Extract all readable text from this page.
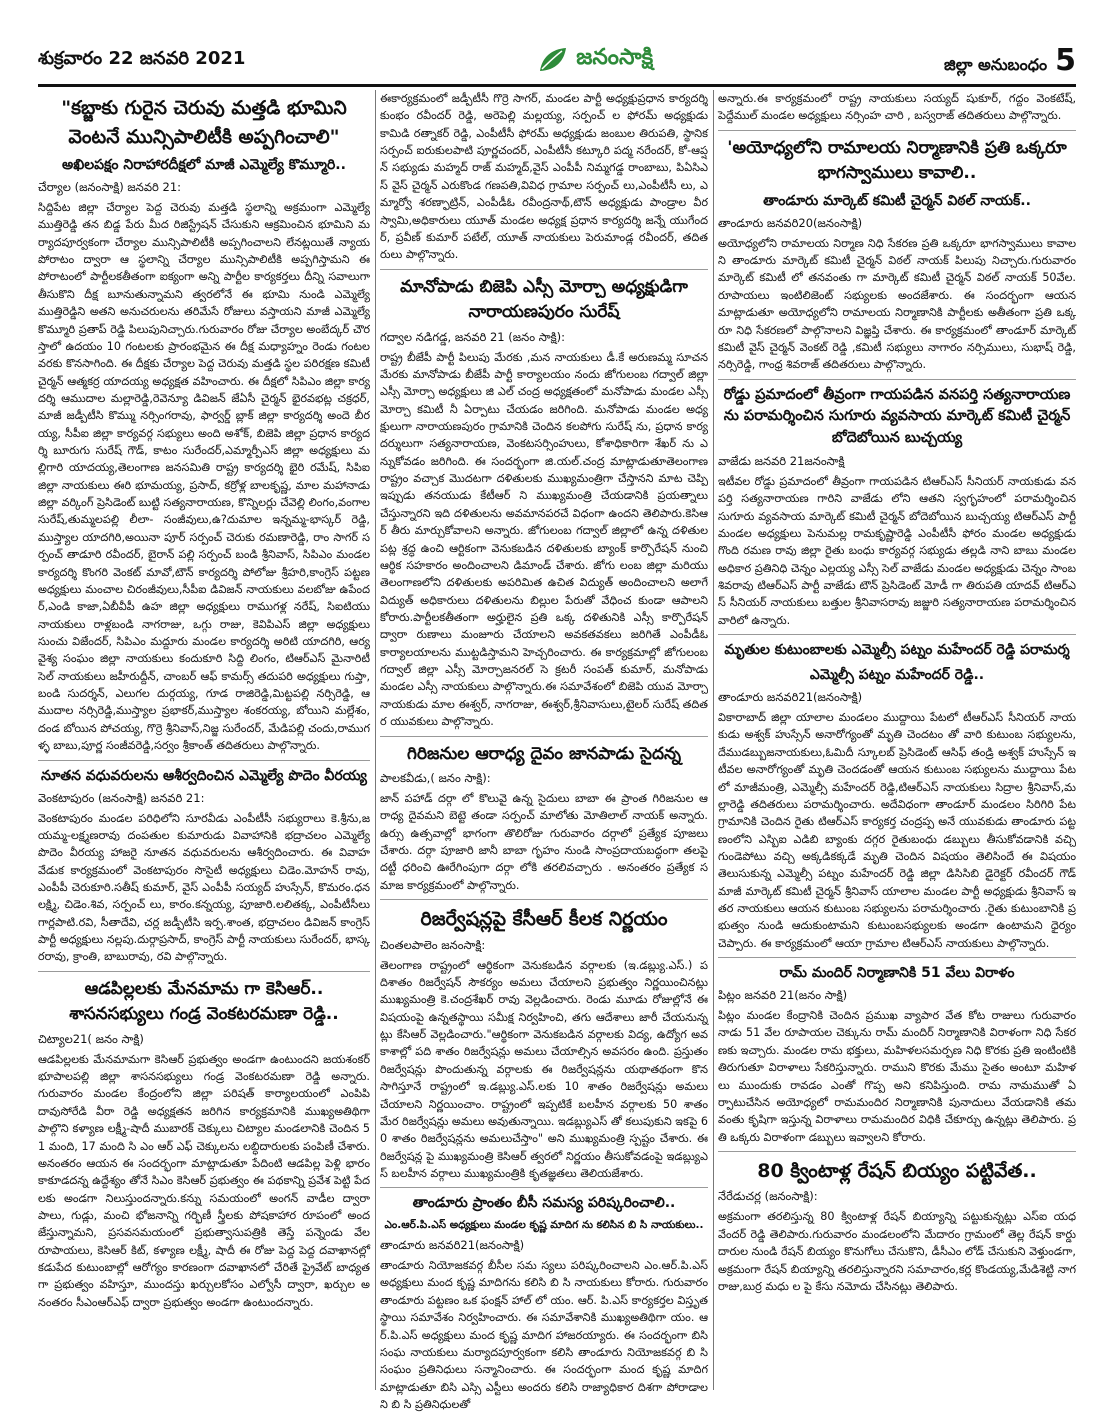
శుక్రవారం 22 జనవరి 2021	జనంసాక్షి	జిల్లా అనుబంధం 5
"కబ్జాకు గురైన చెరువు మత్తడి భూమిని వెంటనే మున్సిపాలిటీకి అప్పగించాలి"
అఖిలపక్షం నిరాహారదీక్షలో మాజీ ఎమ్మెల్యే కొమ్మూరి..
చేర్యాల (జనంసాక్షి) జనవరి 21:

సిద్దిపేట జిల్లా చేర్యాల పెద్ద చెరువు మత్తడి స్థలాన్ని అక్రమంగా ఎమ్మెల్యే ముత్తిరెడ్డి తన బిడ్డ పేరు మీద రిజిస్ట్రేషన్ చేసుకుని ఆక్రమించిన భూమిని మర్యాదపూర్వకంగా చేర్యాల మున్సిపాలిటీకి అప్పగించాలని లేనట్లయితే న్యాయ పోరాటం ద్వారా ఆ స్థలాన్ని చేర్యాల మున్సిపాలిటీకి అప్పగిస్తామని ఈ పోరాటంలో పార్టీలకతీతంగా ఐక్యంగా అన్ని పార్టీల కార్యకర్తలు దీన్ని సవాలుగా తీసుకొని దీక్ష బూనుతున్నామని త్వరలోనే ఈ భూమి నుండి ఎమ్మెల్యే ముత్తిరెడ్డిని అతని అనుచరులను తరిమేసే రోజులు వస్తాయని మాజీ ఎమ్మెల్యే కొమ్మూరి ప్రతాప్ రెడ్డి పిలుపునిచ్చారు.గురువారం రోజు చేర్యాల అంబేద్కర్ చౌరస్తాలో ఉదయం 10 గంటలకు ప్రారంభమైన ఈ దీక్ష మధ్యాహ్నం రెండు గంటల వరకు కొనసాగింది. ఈ దీక్షకు చేర్యాల పెద్ద చెరువు మత్తడి స్థల పరిరక్షణ కమిటీ చైర్మన్ ఆత్మకర్ర యాదయ్య అధ్యక్షత వహించారు. ఈ దీక్షలో సిపిఎం జిల్లా కార్యదర్శి ఆముదాల మల్లారెడ్డి,రెవెన్యూ డివిజన్ జేఏసీ చైర్మన్ భైరవభట్ల చక్రధర్,మాజీ జడ్పీటీసి కొమ్ము నర్సింగరావు, ఫార్వర్డ్ బ్లాక్ జిల్లా కార్యదర్శి అందె బీరయ్య, సీపీఐ జిల్లా కార్యవర్గ సభ్యులు అంది అశోక్, బిజెపి జిల్లా ప్రధాన కార్యదర్శి బూరుగు సురేష్ గౌడ్, కాటం సురేందర్,ఎమ్మార్పీఎస్ జిల్లా అధ్యక్షులు మల్లిగారి యాదయ్య,తెలంగాణ జనసమితి రాష్ట్ర కార్యదర్శి భైరి రమేష్, సిపిఐ జిల్లా నాయకులు ఈరి భూమయ్య, ప్రసాద్, కర్రోళ్ల బాలకృష్ణ, మాల మహానాడు జిల్లా వర్కింగ్ ప్రెసిడెంట్ బుట్టి సత్యనారాయణ, కొన్నిలర్లు చేవెల్లి లింగం,వంగాల సురేష్,తుమ్మలపల్లి లీలా- సంజీవులు,ఉ?దుమాల ఇన్నమ్మ-భాస్కర్ రెడ్డి, ముస్త్యాల యాదగిరి,అయినా పూర్ సర్పంచ్ చెరుకు రమణారెడ్డి, రాం సాగర్ సర్పంచ్ తాడూరి రవీందర్, బైరాన్ పల్లి సర్పంచ్ బండి శ్రీనివాస్, సిపిఎం మండల కార్యదర్శి కొంగరి వెంకట్ మావో,టౌన్ కార్యదర్శి పోలోజు శ్రీహరి,కాంగ్రెస్ పట్టణ అధ్యక్షులు మంచాల చిరంజీవులు,సీపీఐ డివిజన్ నాయకులు వలబోజు ఉపేందర్,ఎండి కాజా,ఏబీవీపీ ఉహ జిల్లా అధ్యక్షులు రాముగళ్ల నరేష్, సిఐటియు నాయకులు రాళ్లబండి నాగరాజు, ఒగ్గు రాజు, కెవిపిఎస్ జిల్లా అధ్యక్షులు సుంచు విజేందర్, సిపిఎం మద్దూరు మండల కార్యదర్శి అరిటి యాదగిరి, ఆర్యవైశ్య సంఘం జిల్లా నాయకులు కందుకూరి సిద్ది లింగం, టిఆర్ఎస్ మైనారిటీ సెల్ నాయకులు జహీరుద్దీన్, చాంబర్ ఆఫ్ కామర్స్ తదుపరి అధ్యక్షులు గుప్తా, బండి సుదర్శన్, ఎలుగల దుర్గయ్య, గూడ రాజిరెడ్డి,మిట్టపల్లి నర్సిరెడ్డి, ఆముదాల నర్సిరెడ్డి,ముస్త్యాల ప్రభాకర్,ముస్త్యాల శంకరయ్య, బోయిని మల్లేశం,దండ బోయిన పోచయ్య, గొర్రె శ్రీనివాస్,నిజ్జ సురేందర్, మేడిపల్లి చందు,రాముగళ్ళ బాబు,పూర్ణ సంజీవరెడ్డి,సర్వం శ్రీకాంత్ తదితరులు పాల్గొన్నారు.

నూతన వధువరులను ఆశీర్వదించిన ఎమ్మెల్యే పొదెం వీరయ్య
వెంకటాపురం (జనంసాక్షి) జనవరి 21:

వెంకటాపురం మండల పరిధిలోని సూరవీడు ఎంపీటీసీ సభ్యురాలు కె.శ్రీను,జయమ్మ-లక్ష్మణరావు దంపతుల కుమారుడు వివాహానికి భద్రాచలం ఎమ్మెల్యే పొదెం వీరయ్య హాజరై నూతన వధువరులను ఆశీర్వదించారు. ఈ వివాహ వేడుక కార్యక్రమంలో వెంకటాపురం సొసైటీ అధ్యక్షులు చిడెం.మోహన్ రావు, ఎంపీపీ చెరుకూరి.సతీష్ కుమార్, వైస్ ఎంపీపీ సయ్యద్ హుస్సేన్, కొమరం.ధనలక్ష్మి, చిడెం.శివ, సర్పంచ్ లు, కారం.కన్నయ్య, పూజారి.లలితక్క, ఎంపీటీసీలు గార్లపాటి.రవి, సీతాదేవి, చర్ల జడ్పీటీసి ఇర్ప.శాంత, భద్రాచలం డివిజన్ కాంగ్రెస్ పార్టీ అధ్యక్షులు నల్లపు.దుర్గాప్రసాద్, కాంగ్రెస్ పార్టీ నాయకులు సురేందర్, భాస్కరరావు, క్రాంతి, బాబురావు, రవి పాల్గొన్నారు.

ఆడపిల్లలకు మేనమామ గా కెసిఆర్.. శాసనసభ్యులు గండ్ర వెంకటరమణా రెడ్డి..
చిట్యాల21( జనం సాక్షి)

ఆడపిల్లలకు మేనమామగా కెసిఆర్ ప్రభుత్వం అండగా ఉంటుందని జయశంకర్ భూపాలపల్లి జిల్లా శాసనసభ్యులు గండ్ర వెంకటరమణా రెడ్డి అన్నారు. గురువారం మండల కేంద్రంలోని జిల్లా పరిషత్ కార్యాలయంలో ఎంపిపి దావుసోరేడి వీరా రెడ్డి అధ్యక్షతన జరిగిన కార్యక్రమానికి ముఖ్యఅతిథిగా పాల్గొని కళ్యాణ లక్ష్మీ-షాదీ ముబారక్ చెక్కులు చిట్యాల మండలానికి చెందిన 51 మంది, 17 మంది సి ఎం ఆర్ ఎఫ్ చెక్కులను లబ్ధిదారులకు పంపిణీ చేశారు. అనంతరం ఆయన ఈ సందర్భంగా మాట్లాడుతూ పేదింటి ఆడపిల్ల పెళ్లి భారం కాకూడదన్న ఉద్దేశ్యం తోనే సిఎం కెసిఆర్ ప్రభుత్వం ఈ పథకాన్ని ప్రవేశ పెట్టి పేదలకు అండగా నిలుస్తుందన్నారు.కన్ను సమయంలో అంగన్ వాడీల ద్వారా పాలు, గుడ్లు, మంచి భోజనాన్ని గర్భిణీ స్త్రీలకు పోషకాహార రూపంలో అందజేస్తున్నామని, ప్రసవసమయంలో ప్రభుత్వాసుపత్రికి తెస్తే పన్నెండు వేల రూపాయలు, కెసిఆర్ కిట్, కళ్యాణ లక్ష్మీ, షాదీ ఈ రోజు పెద్ద పెద్ద దవాఖానల్లో కడుపేద కుటుంబాల్లో ఆరోగ్యం కారణంగా దవాఖానలో చేరితే ప్రైవేట్ బాధ్యతగా ప్రభుత్వం వహిస్తూ, ముందస్తు ఖర్చులకోసం ఎల్వోసీ ద్వారా, ఖర్చుల అనంతరం సీఎంఆర్ఎఫ్ ద్వారా ప్రభుత్వం అండగా ఉంటుందన్నారు.

ఈకార్యక్రమంలో జడ్పీటీసీ గొర్రె సాగర్, మండల పార్టీ అధ్యక్షుప్రధాన కార్యదర్శి కుంభం రవీందర్ రెడ్డి, అరెపెల్లి మల్లయ్య, సర్పంచ్ ల ఫోరమ్ అధ్యక్షుడు కామిడి రత్నాకర్ రెడ్డి, ఎంపీటీసీ ఫోరమ్ అధ్యక్షుడు జంబుల తిరుపతి, స్థానిక సర్పంచ్ ఐరుకులపాటి పూర్ణచందర్, ఎంపీటీసీ కట్కూరి పద్మ నరేందర్, కో-ఆప్షన్ సభ్యుడు మహ్మద్ రాజ్ మహ్మద్,వైస్ ఎంపీపీ నిమ్మగడ్డ రాంబాబు, పిఏసిఎస్ వైస్ చైర్మన్ ఎరుకొండ గణపతి,వివిధ గ్రామాల సర్పంచ్ లు,ఎంపీటీసీ లు, ఎమ్మార్వో శరణ్ఫాట్రిన్, ఎంపీడీఓ రవీంద్రనాథ్,టౌన్ అధ్యక్షుడు పాండ్రాల వీరస్వామి,అధికారులు యూత్ మండల అధ్యక్ష ప్రధాన కార్యదర్శి జన్నే యుగేందర్, ప్రవీణ్ కుమార్ పటేల్, యూత్ నాయకులు పెరుమాండ్ల రవీందర్, తదితరులు పాల్గొన్నారు.

మానోపాడు బిజెపి ఎస్సీ మోర్చా అధ్యక్షుడిగా నారాయణపురం సురేష్
గద్వాల నడిగడ్డ, జనవరి 21 (జనం సాక్షి):

రాష్ట్ర బీజేపీ పార్టీ పిలుపు మేరకు ,మన నాయకులు డీ.కే అరుణమ్మ సూచన మేరకు మానోపాడు బీజేపీ పార్టీ కార్యాలయం నందు జోగులంబ గద్వాల్ జిల్లా ఎస్సీ మోర్చా అధ్యక్షులు జి ఎల్ చంద్ర అధ్యక్షతంలో మనోపాడు మండల ఎస్సీ మోర్చా కమిటీ నీ ఏర్పాటు చేయడం జరిగింది. మనోపాడు మండల అధ్యక్షులుగా నారాయణపురం గ్రామానికి చెందిన కలపోగు సురేష్ ను, ప్రధాన కార్యదర్శులుగా సత్యనారాయణ, వెంకటసర్సింహులు, కోశాధికారిగా శేఖర్ ను ఎన్నుకోవడం జరిగింది. ఈ సందర్భంగా జి.యల్.చంద్ర మాట్లాడుతూతెలంగాణ రాష్ట్రం వచ్చాక మొదటగా దళితులకు ముఖ్యమంత్రిగా చేస్తానని మాట చెప్పి ఇప్పుడు తనయుడు కేటీఆర్ ని ముఖ్యమంత్రి చేయడానికి ప్రయత్నాలు చేస్తున్నారని ఇది దళితులను అవమానపరచే విధంగా ఉందని తెలిపారు.కెసిఆర్ తీరు మార్చుకోవాలని అన్నారు. జోగులంబ గద్వాల్ జిల్లాలో ఉన్న దళితుల పట్ల శ్రద్ధ ఉంచి ఆర్టికంగా వెనుకబడిన దళితులకు బ్యాంక్ కార్పొరేషన్ నుంచి ఆర్థిక సహకారం అందించాలని డిమాండ్ చేశారు. జోగు లంబ జిల్లా మరియు తెలంగాణలోని దళితులకు అపరిమిత ఉచిత విద్యుత్ అందించాలని అలాగే విద్యుత్ అధికారులు దళితులను బిల్లుల పేరుతో వేధించ కుండా ఆపాలని కోరారు.పార్టీలకతీతంగా అర్హులైన ప్రతి ఒక్క దళితునికి ఎస్సీ కార్పొరేషన్ ద్వారా రుణాలు మంజూరు చేయాలని అవకతవకలు జరిగితే ఎంపీడీఓ కార్యాలయాలను ముట్టడిస్తామని హెచ్చరించారు. ఈ కార్యక్రమాల్లో జోగులంబ గద్వాల్ జిల్లా ఎస్సీ మోర్చాజనరల్ సె క్రటరీ సంపత్ కుమార్, మనోపాడు మండల ఎస్సీ నాయకులు పాల్గొన్నారు.ఈ సమావేశంలో బిజెపి యువ మోర్చా నాయకుడు మాల ఈశ్వర్, నాగరాజు, ఈశ్వర్,శ్రీనివాసులు,టైలర్ సురేష్ తదితర యువకులు పాల్గొన్నారు.

గిరిజనుల ఆరాధ్య దైవం జానపాడు సైదన్న
పాలకవీడు,( జనం సాక్షి):

జాన్ పహాడ్ దర్గా లో కొలువై ఉన్న సైదులు బాబా ఈ ప్రాంత గిరిజనుల ఆరాధ్య దైవమని బెట్టె తండా సర్పంచ్ మాలోతు మోతిలాల్ నాయక్ అన్నారు. ఉర్సు ఉత్సవాల్లో భాగంగా తొలిరోజు గురువారం దర్గాలో ప్రత్యేక పూజలు చేశారు. దర్గా పూజారి జానీ బాబా గృహం నుండి సాంప్రదాయబద్ధంగా తలపై దట్టీ ధరించి ఊరేగింపుగా దర్గా లోకి తరలివచ్చారు . అనంతరం ప్రత్యేక సమాజ కార్యక్రమంలో పాల్గొన్నారు.

రిజర్వేషన్లపై కేసీఆర్ కీలక నిర్ణయం
చింతలపాలెం జనంసాక్షి:

తెలంగాణ రాష్ట్రంలో ఆర్థికంగా వెనుకబడిన వర్గాలకు (ఇ.డబ్ల్యు.ఎస్.) పదిశాతం రిజర్వేషన్ సౌకర్యం అమలు చేయాలని ప్రభుత్వం నిర్ణయించినట్లు ముఖ్యమంత్రి కె.చంద్రశేఖర్ రావు వెల్లడించారు. రెండు మూడు రోజుల్లోనే ఈ విషయంపై ఉన్నతస్థాయి సమీక్ష నిర్వహించి, తగు ఆదేశాలు జారీ చేయనున్నట్లు కేసిఆర్ వెల్లడించారు."ఆర్థికంగా వెనుకబడిన వర్గాలకు విద్య, ఉద్యోగ అవకాశాల్లో పది శాతం రిజర్వేషన్లు అమలు చేయాల్సిన అవసరం ఉంది. ప్రస్తుతం రిజర్వేషన్లు పొందుతున్న వర్గాలకు ఈ రిజర్వేషన్లను యథాతథంగా కొనసాగిస్తూనే రాష్ట్రంలో ఇ.డబ్ల్యు.ఎస్.లకు 10 శాతం రిజర్వేషన్లు అమలు చేయాలని నిర్ణయించాం. రాష్ట్రంలో ఇప్పటికే బలహీన వర్గాలకు 50 శాతం మేర రిజర్వేషన్లు అమలు అవుతున్నాయి. ఇడబ్ల్యుఎస్ తో కలుపుకుని ఇకపై 60 శాతం రిజర్వేషన్లను అమలుచేస్తాం" అని ముఖ్యమంత్రి స్పష్టం చేశారు. ఈ రిజర్వేషన్ల పై ముఖ్యమంత్రి కెసిఆర్ త్వరలో నిర్ణయం తీసుకోవడంపై ఇడబ్ల్యుఎస్ బలహీన వర్గాలు ముఖ్యమంత్రికి కృతజ్ఞతలు తెలియజేశారు.

తాండూరు ప్రాంతం బీసీ సమస్య పరిష్కరించాలి..
ఎం.ఆర్.పి.ఎస్ అధ్యక్షులు మండల కృష్ణ మాదిగ ను కలిసిన బి సి నాయకులు..
తాండూరు జనవరి21(జనంసాక్షి)

తాండూరు నియోజకవర్గ బీసీల సమ స్యలు పరిష్కరించాలని ఎం.ఆర్.పి.ఎస్ అధ్యక్షులు మంద కృష్ణ మాదిగను కలిసి బి సి నాయకులు కోరారు. గురువారం తాండూరు పట్టణం ఒక ఫంక్షన్ హాల్ లో యం. ఆర్. పి.ఎస్ కార్యకర్తల విస్తృత స్థాయి సమావేశం నిర్వహించారు. ఈ సమావేశానికి ముఖ్యఅతిథిగా యం. ఆర్.పి.ఎస్ అధ్యక్షులు మంద కృష్ణ మాదిగ హాజరయ్యారు. ఈ సందర్భంగా బిసి సంఘ నాయకులు మర్యాదపూర్వకంగా కలిసి తాండూరు నియోజకవర్గ బి సి సంఘం ప్రతినిధులు సన్మానించారు. ఈ సందర్భంగా మంద కృష్ణ మాదిగ మాట్లాడుతూ బిసి ఎస్సి ఎస్టీలు అందరు కలిసి రాజ్యాధికార దిశగా పోరాడాలని బి సి ప్రతినిధులతో

అన్నారు.ఈ కార్యక్రమంలో రాష్ట్ర నాయకులు సయ్యద్ షుకూర్, గద్దం వెంకటేష్,పెద్దేముల్ మండల అధ్యక్షులు నర్సింహ చారి , బస్వరాజ్ తదితరులు పాల్గొన్నారు.

'అయోధ్యలోని రామాలయ నిర్మాణానికి ప్రతి ఒక్కరూ భాగస్వాములు కావాలి..
తాండూరు మార్కెట్ కమిటీ చైర్మన్ విఠల్ నాయక్..
తాండూరు జనవరి20(జనంసాక్షి)

అయోధ్యలోని రామాలయ నిర్మాణ నిధి సేకరణ ప్రతి ఒక్కరూ భాగస్వాములు కావాలని తాండూరు మార్కెట్ కమిటీ చైర్మన్ విఠల్ నాయక్ పిలుపు నిచ్చారు.గురువారం మార్కెట్ కమిటీ లో తనవంతు గా మార్కెట్ కమిటీ చైర్మన్ విఠల్ నాయక్ 50వేల.రూపాయలు ఇంటిలిజెంట్ సభ్యులకు అందజేశారు. ఈ సందర్భంగా ఆయన మాట్లాడుతూ అయోధ్యలోని రామాలయ నిర్మాణానికి పార్టీలకు అతీతంగా ప్రతి ఒక్కరూ నిధి సేకరణలో పాల్గొనాలని విజ్ఞప్తి చేశారు. ఈ కార్యక్రమంలో తాండూర్ మార్కెట్ కమిటీ వైస్ చైర్మన్ వెంకట్ రెడ్డి ,కమిటీ సభ్యులు నాగారం నర్సిములు, సుభాష్ రెడ్డి, నర్సిరెడ్డి, గాంధ్ర శివరాజ్ తదితరులు పాల్గొన్నారు.

రోడ్డు ప్రమాదంలో తీవ్రంగా గాయపడిన వనపర్తి సత్యనారాయణ ను పరామర్శించిన సుగూరు వ్యవసాయ మార్కెట్ కమిటీ చైర్మన్ బోదెబోయిన బుచ్చయ్య
వాజేడు జనవరి 21జనంసాక్షి

ఇటీవల రోడ్డు ప్రమాదంలో తీవ్రంగా గాయపడిన టిఆర్ఎస్ సీనియర్ నాయకుడు వనపర్తి సత్యనారాయణ గారిని వాజేడు లోని ఆతని స్వగృహంలో పరామర్శించిన సుగూరు వ్యవసాయ మార్కెట్ కమిటీ చైర్మన్ బోదెబోయిన బుచ్చయ్య టిఆర్ఎస్ పార్టీ మండల అధ్యక్షులు పెనుమల్ల రామకృష్ణారెడ్డి ఎంపీటీసీ ఫోరం మండల అధ్యక్షుడు గొంది రమణ రావు జిల్లా రైతు బంధు కార్యవర్గ సభ్యుడు తల్లడి నాని బాబు మండల అధికార ప్రతినిధి చెన్నం ఎల్లయ్య ఎస్సీ సెల్ వాజేడు మండల అధ్యక్షుడు చెన్నం సాంబశివరావు టిఆర్ఎస్ పార్టీ వాజేడు టౌన్ ప్రెసిడెంట్ మోడీ గా తిరుపతి యాదవ్ టిఆర్ఎస్ సీనియర్ నాయకులు బత్తుల శ్రీనివాసరావు జజ్జురి సత్యనారాయణ పరామర్శించిన వారిలో ఉన్నారు.

మృతుల కుటుంబాలకు ఎమ్మెల్సీ పట్నం మహేందర్ రెడ్డి పరామర్శ
ఎమ్మెల్సీ పట్నం మహేందర్ రెడ్డి..
తాండూరు జనవరి21(జనంసాక్షి)

వికారాబాద్ జిల్లా యాలాల మండలం ముద్దాయి పేటలో టీఆర్ఎస్ సీనియర్ నాయకుడు అశ్వక్ హుస్సేన్ అనారోగ్యంతో మృతి చెందటం తో వారి కుటుంబ సభ్యులను,దేముడబ్బుజనాయకులు,ఓమిదీ స్కూలబ్ ప్రెసిడెంట్ ఆసిఫ్ తండ్రి అశ్వక్ హుస్సేన్ ఇటీవల అనారోగ్యంతో మృతి చెందడంతో ఆయన కుటుంబ సభ్యులను ముద్దాయి పేట లో మాజీమంత్రి, ఎమ్మెల్సీ మహేందర్ రెడ్డి,టిఆర్ఎస్ నాయకులు సిద్రాల శ్రీనివాస్,మల్లారెడ్డి తదితరులు పరామర్శించారు. అదేవిధంగా తాండూర్ మండలం సిరిగిరి పేట గ్రామానికి చెందిన రైతు టిఆర్ఎస్ కార్యకర్త చంద్రప్ప అనే యువకుడు తాండూరు పట్టణంలోని ఎస్బిఐ ఎడిబి బ్యాంకు దగ్గర రైతుబంధు డబ్బులు తీసుకోవడానికి వచ్చి గుండెపోటు వచ్చి అక్కడికక్కడే మృతి చెందిన విషయం తెలిసిందే ఈ విషయం తెలుసుకున్న ఎమ్మెల్సీ పట్నం మహేందర్ రెడ్డి జిల్లా డిసిసిబి డైరెక్టర్ రవీందర్ గౌడ్ మాజీ మార్కెట్ కమిటీ చైర్మన్ శ్రీనివాస్ యాలాల మండల పార్టీ అధ్యక్షుడు శ్రీనివాస్ ఇతర నాయకులు ఆయన కుటుంబ సభ్యులను పరామర్శించారు .రైతు కుటుంబానికి ప్రభుత్వం నుండి ఆదుకుంటామని కుటుంబసభ్యులకు అండగా ఉంటామని ధైర్యం చెప్పారు. ఈ కార్యక్రమంలో ఆయా గ్రామాల టిఆర్ఎస్ నాయకులు పాల్గొన్నారు.

రామ్ మందిర్ నిర్మాణానికి 51 వేలు విరాళం
పిట్లం జనవరి 21(జనం సాక్షి)

పిట్లం మండల కేంద్రానికి చెందిన ప్రముఖ వ్యాపార వేత కోట రాజులు గురువారం నాడు 51 వేల రూపాయల చెక్కును రామ్ మందిర్ నిర్మాణానికి విరాళంగా నిధి సేకరణకు ఇచ్చారు. మండల రామ భక్తులు, మహిళలసమర్పణ నిధి కొరకు ప్రతి ఇంటింటికి తిరుగుతూ విరాళాలు సేకరిస్తున్నారు. రాముని కొరకు మేము సైతం అంటూ మహిళలు ముందుకు రావడం ఎంతో గొప్ప అని కనిపిస్తుంది. రామ నామముతో ఏర్పాటుచేసిన అయోధ్యలో రామమందిర నిర్మాణానికి పునాదులు వేయడానికి తమవంతు కృషిగా ఇస్తున్న విరాళాలు రామమందిర విధికి చేకూర్చు ఉన్నట్లు తెలిపారు. ప్రతి ఒక్కరు విరాళంగా డబ్బులు ఇవ్వాలని కోరారు.

80 క్వింటాళ్ల రేషన్ బియ్యం పట్టివేత..
నేరేడుచర్ల (జనంసాక్షి):

అక్రమంగా తరలిస్తున్న 80 క్వింటాళ్ల రేషన్ బియ్యాన్ని పట్టుకున్నట్లు ఎస్ఐ యధ వేందర్ రెడ్డి తెలిపారు.గురువారం మండలంలోని మేదారం గ్రామంలో తెల్ల రేషన్ కార్డు దారుల నుండి రేషన్ బియ్యం కొనుగోలు చేసుకొని, డీసీఎం లోడ్ చేసుకుని వెళ్తుండగా,అక్రమంగా రేషన్ బియ్యాన్ని తరలిస్తున్నారని సమాచారం,కర్ల కొండయ్య,మేడిశెట్టి నాగరాజు,బుర్ర మధు ల పై కేసు నమోదు చేసినట్లు తెలిపారు.
